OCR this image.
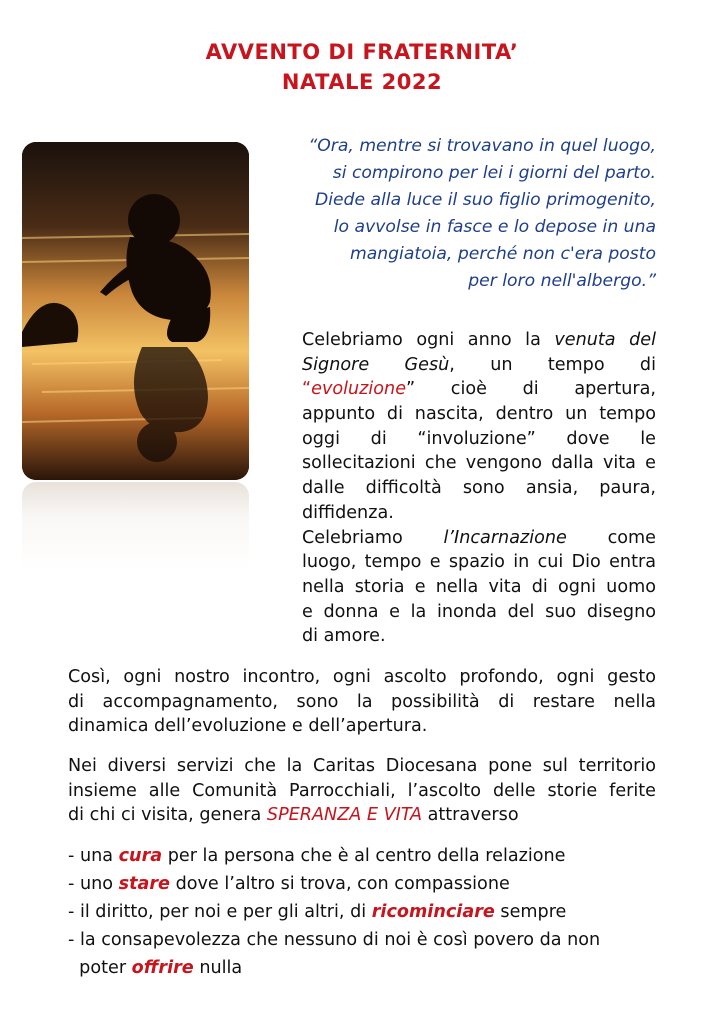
AVVENTO DI FRATERNITA’
NATALE 2022
“Ora, mentre si trovavano in quel luogo,
si compirono per lei i giorni del parto.
Diede alla luce il suo figlio primogenito,
lo avvolse in fasce e lo depose in una
mangiatoia, perché non c'era posto
per loro nell'albergo.”
Celebriamo ogni anno la venuta del
Signore Gesù, un tempo di
“evoluzione” cioè di apertura,
appunto di nascita, dentro un tempo
oggi di “involuzione” dove le
sollecitazioni che vengono dalla vita e
dalle difficoltà sono ansia, paura,
diffidenza.
Celebriamo l’Incarnazione come
luogo, tempo e spazio in cui Dio entra
nella storia e nella vita di ogni uomo
e donna e la inonda del suo disegno
di amore.
Così, ogni nostro incontro, ogni ascolto profondo, ogni gesto
di accompagnamento, sono la possibilità di restare nella
dinamica dell’evoluzione e dell’apertura.
Nei diversi servizi che la Caritas Diocesana pone sul territorio
insieme alle Comunità Parrocchiali, l’ascolto delle storie ferite
di chi ci visita, genera SPERANZA E VITA attraverso
- una cura per la persona che è al centro della relazione
- uno stare dove l’altro si trova, con compassione
- il diritto, per noi e per gli altri, di ricominciare sempre
- la consapevolezza che nessuno di noi è così povero da non
poter offrire nulla
